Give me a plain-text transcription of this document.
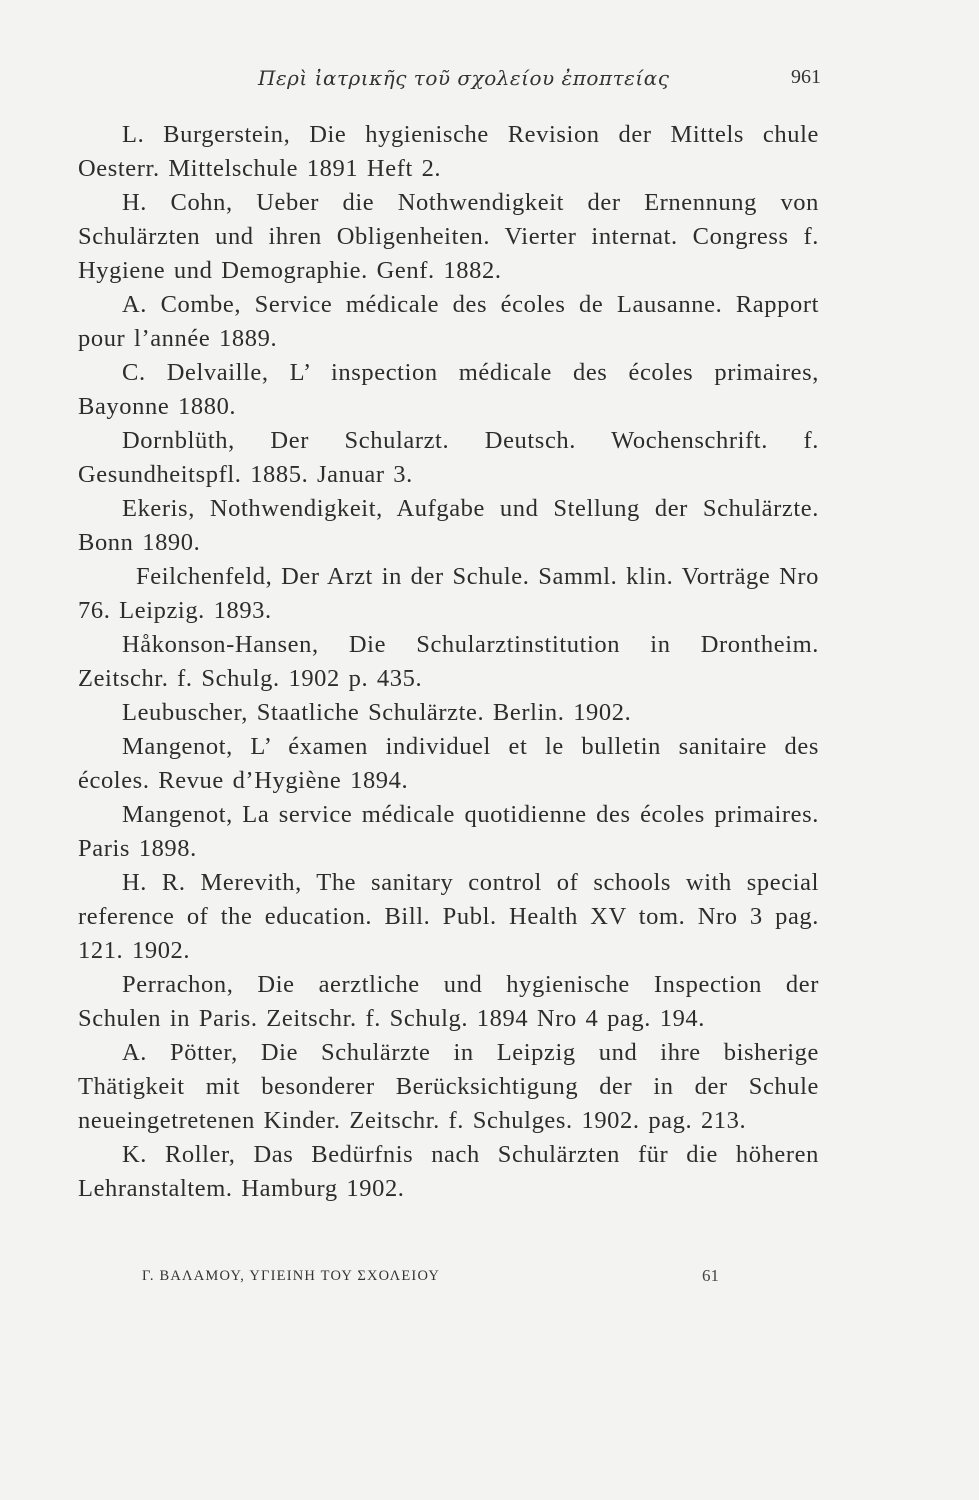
Περὶ ἰατρικῆς τοῦ σχολείου ἐποπτείας	961

L. Burgerstein, Die hygienische Revision der Mittels chule Oesterr. Mittelschule 1891 Heft 2.

H. Cohn, Ueber die Nothwendigkeit der Ernennung von Schulärzten und ihren Obligenheiten. Vierter internat. Congress f. Hygiene und Demographie. Genf. 1882.

A. Combe, Service médicale des écoles de Lausanne. Rapport pour l’année 1889.

C. Delvaille, L’ inspection médicale des écoles primaires, Bayonne 1880.

Dornblüth, Der Schularzt. Deutsch. Wochenschrift. f. Gesundheitspfl. 1885. Januar 3.

Ekeris, Nothwendigkeit, Aufgabe und Stellung der Schulärzte. Bonn 1890.

Feilchenfeld, Der Arzt in der Schule. Samml. klin. Vorträge Nro 76. Leipzig. 1893.

Håkonson-Hansen, Die Schularztinstitution in Drontheim. Zeitschr. f. Schulg. 1902 p. 435.

Leubuscher, Staatliche Schulärzte. Berlin. 1902.

Mangenot, L’ éxamen individuel et le bulletin sanitaire des écoles. Revue d’Hygiène 1894.

Mangenot, La service médicale quotidienne des écoles primaires. Paris 1898.

H. R. Merevith, The sanitary control of schools with special reference of the education. Bill. Publ. Health XV tom. Nro 3 pag. 121. 1902.

Perrachon, Die aerztliche und hygienische Inspection der Schulen in Paris. Zeitschr. f. Schulg. 1894 Nro 4 pag. 194.

A. Pötter, Die Schulärzte in Leipzig und ihre bisherige Thätigkeit mit besonderer Berücksichtigung der in der Schule neueingetretenen Kinder. Zeitschr. f. Schulges. 1902. pag. 213.

K. Roller, Das Bedürfnis nach Schulärzten für die höheren Lehranstaltem. Hamburg 1902.

Γ. ΒΑΛΑΜΟΥ, ΥΓΙΕΙΝΗ ΤΟΥ ΣΧΟΛΕΙΟΥ	61
